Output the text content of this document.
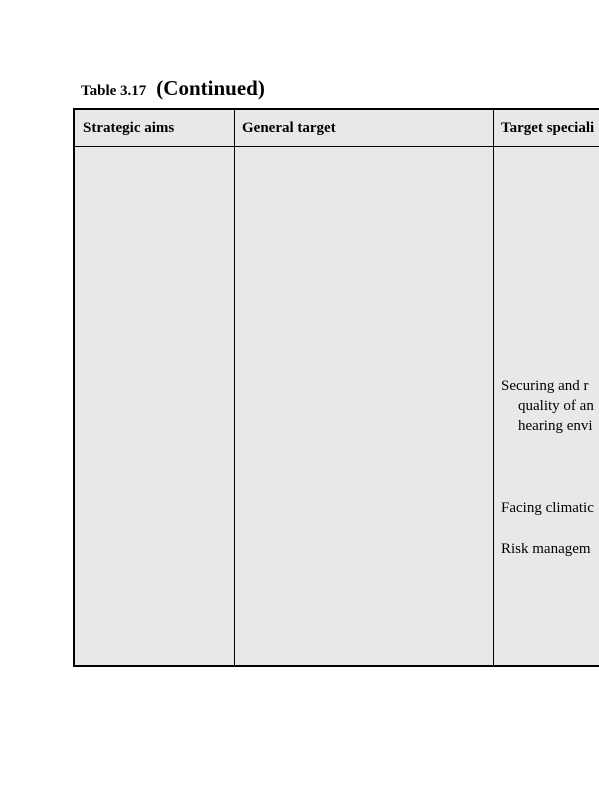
Table 3.17 (Continued)
Strategic aims	General target	Target speciali
Securing and r
quality of an
hearing envi
Facing climatic
Risk managem
